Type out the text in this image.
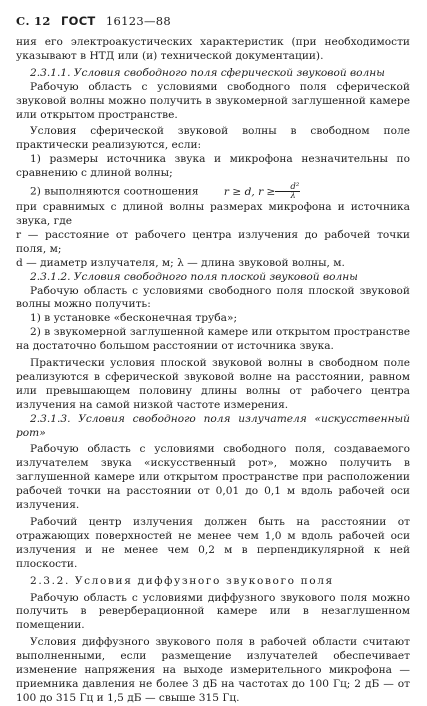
С. 12 ГОСТ 16123—88

ния его электроакустических характеристик (при необходимости указывают в НТД или (и) технической документации).

2.3.1.1. Условия свободного поля сферической звуковой волны

Рабочую область с условиями свободного поля сферической звуковой волны можно получить в звукомерной заглушенной камере или открытом пространстве.

Условия сферической звуковой волны в свободном поле практически реализуются, если:

1) размеры источника звука и микрофона незначительны по сравнению с длиной волны;

2) выполняются соотношения r ≥ d, $r \ge \frac{\text{d²}}{\lambda}$

при сравнимых с длиной волны размерах микрофона и источника звука, где

r — расстояние от рабочего центра излучения до рабочей точки поля, м;

d — диаметр излучателя, м; λ — длина звуковой волны, м.

2.3.1.2. Условия свободного поля плоской звуковой волны

Рабочую область с условиями свободного поля плоской звуковой волны можно получить:

1) в установке «бесконечная труба»;

2) в звукомерной заглушенной камере или открытом пространстве на достаточно большом расстоянии от источника звука.

Практически условия плоской звуковой волны в свободном поле реализуются в сферической звуковой волне на расстоянии, равном или превышающем половину длины волны от рабочего центра излучения на самой низкой частоте измерения.

2.3.1.3. Условия свободного поля излучателя «искусственный рот»

Рабочую область с условиями свободного поля, создаваемого излучателем звука «искусственный рот», можно получить в заглушенной камере или открытом пространстве при расположении рабочей точки на расстоянии от 0,01 до 0,1 м вдоль рабочей оси излучения.

Рабочий центр излучения должен быть на расстоянии от отражающих поверхностей не менее чем 1,0 м вдоль рабочей оси излучения и не менее чем 0,2 м в перпендикулярной к ней плоскости.

2.3.2. Условия диффузного звукового поля

Рабочую область с условиями диффузного звукового поля можно получить в реверберационной камере или в незаглушенном помещении.

Условия диффузного звукового поля в рабочей области считают выполненными, если размещение излучателей обеспечивает изменение напряжения на выходе измерительного микрофона — приемника давления не более 3 дБ на частотах до 100 Гц; 2 дБ — от 100 до 315 Гц и 1,5 дБ — свыше 315 Гц.
